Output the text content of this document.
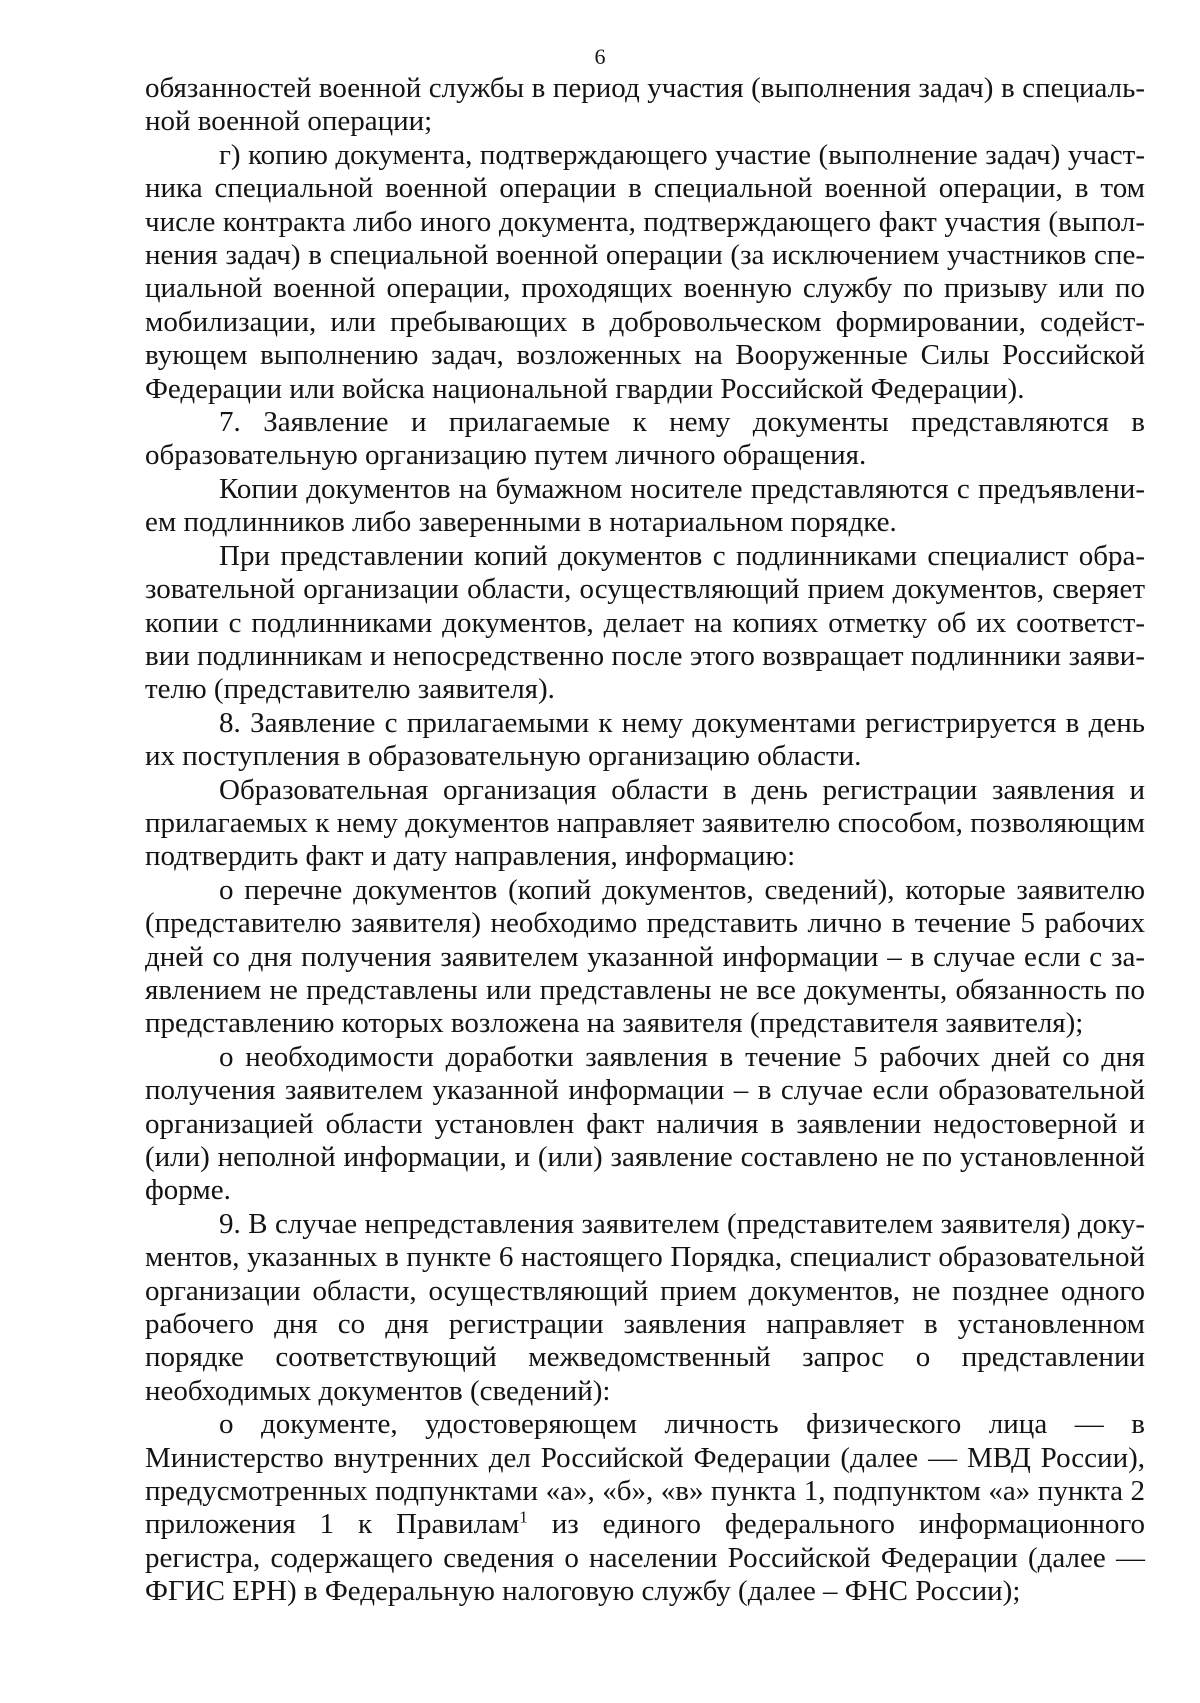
6

обязанностей военной службы в период участия (выполнения задач) в специальной военной операции;

г) копию документа, подтверждающего участие (выполнение задач) участника специальной военной операции в специальной военной операции, в том числе контракта либо иного документа, подтверждающего факт участия (выполнения задач) в специальной военной операции (за исключением участников специальной военной операции, проходящих военную службу по призыву или по мобилизации, или пребывающих в добровольческом формировании, содействующем выполнению задач, возложенных на Вооруженные Силы Российской Федерации или войска национальной гвардии Российской Федерации).

7. Заявление и прилагаемые к нему документы представляются в образовательную организацию путем личного обращения.

Копии документов на бумажном носителе представляются с предъявлением подлинников либо заверенными в нотариальном порядке.

При представлении копий документов с подлинниками специалист образовательной организации области, осуществляющий прием документов, сверяет копии с подлинниками документов, делает на копиях отметку об их соответствии подлинникам и непосредственно после этого возвращает подлинники заявителю (представителю заявителя).

8. Заявление с прилагаемыми к нему документами регистрируется в день их поступления в образовательную организацию области.

Образовательная организация области в день регистрации заявления и прилагаемых к нему документов направляет заявителю способом, позволяющим подтвердить факт и дату направления, информацию:

о перечне документов (копий документов, сведений), которые заявителю (представителю заявителя) необходимо представить лично в течение 5 рабочих дней со дня получения заявителем указанной информации – в случае если с заявлением не представлены или представлены не все документы, обязанность по представлению которых возложена на заявителя (представителя заявителя);

о необходимости доработки заявления в течение 5 рабочих дней со дня получения заявителем указанной информации – в случае если образовательной организацией области установлен факт наличия в заявлении недостоверной и (или) неполной информации, и (или) заявление составлено не по установленной форме.

9. В случае непредставления заявителем (представителем заявителя) документов, указанных в пункте 6 настоящего Порядка, специалист образовательной организации области, осуществляющий прием документов, не позднее одного рабочего дня со дня регистрации заявления направляет в установленном порядке соответствующий межведомственный запрос о представлении необходимых документов (сведений):

о документе, удостоверяющем личность физического лица — в Министерство внутренних дел Российской Федерации (далее — МВД России), предусмотренных подпунктами «а», «б», «в» пункта 1, подпунктом «а» пункта 2 приложения 1 к Правилам$^1$ из единого федерального информационного регистра, содержащего сведения о населении Российской Федерации (далее — ФГИС ЕРН) в Федеральную налоговую службу (далее – ФНС России);
